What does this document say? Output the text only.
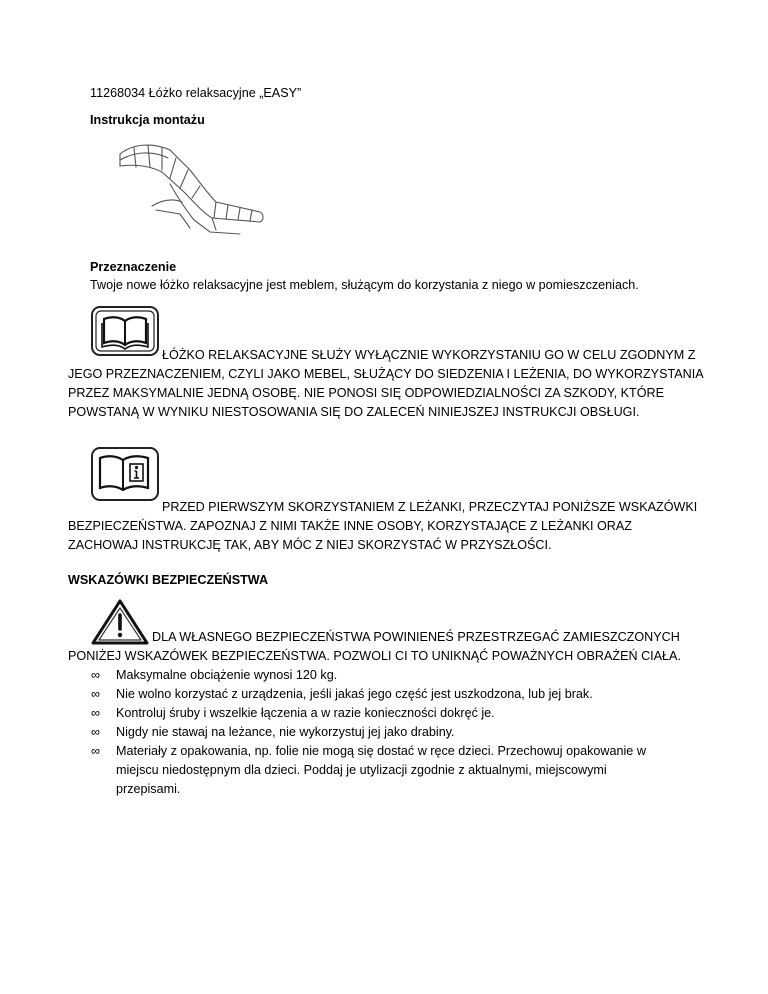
11268034 Łóżko relaksacyjne „EASY”
Instrukcja montażu
Przeznaczenie
Twoje nowe łóżko relaksacyjne jest meblem, służącym do korzystania z niego w pomieszczeniach.

ŁÓŻKO RELAKSACYJNE SŁUŻY WYŁĄCZNIE WYKORZYSTANIU GO W CELU ZGODNYM Z

JEGO PRZEZNACZENIEM, CZYLI JAKO MEBEL, SŁUŻĄCY DO SIEDZENIA I LEŻENIA, DO WYKORZYSTANIA

PRZEZ MAKSYMALNIE JEDNĄ OSOBĘ. NIE PONOSI SIĘ ODPOWIEDZIALNOŚCI ZA SZKODY, KTÓRE

POWSTANĄ W WYNIKU NIESTOSOWANIA SIĘ DO ZALECEŃ NINIEJSZEJ INSTRUKCJI OBSŁUGI.

PRZED PIERWSZYM SKORZYSTANIEM Z LEŻANKI, PRZECZYTAJ PONIŻSZE WSKAZÓWKI

BEZPIECZEŃSTWA. ZAPOZNAJ Z NIMI TAKŻE INNE OSOBY, KORZYSTAJĄCE Z LEŻANKI ORAZ

ZACHOWAJ INSTRUKCJĘ TAK, ABY MÓC Z NIEJ SKORZYSTAĆ W PRZYSZŁOŚCI.

WSKAZÓWKI BEZPIECZEŃSTWA

DLA WŁASNEGO BEZPIECZEŃSTWA POWINIENEŚ PRZESTRZEGAĆ ZAMIESZCZONYCH

PONIŻEJ WSKAZÓWEK BEZPIECZEŃSTWA. POZWOLI CI TO UNIKNĄĆ POWAŻNYCH OBRAŻEŃ CIAŁA.

∞ Maksymalne obciążenie wynosi 120 kg.
∞ Nie wolno korzystać z urządzenia, jeśli jakaś jego część jest uszkodzona, lub jej brak.
∞ Kontroluj śruby i wszelkie łączenia a w razie konieczności dokręć je.
∞ Nigdy nie stawaj na leżance, nie wykorzystuj jej jako drabiny.
∞ Materiały z opakowania, np. folie nie mogą się dostać w ręce dzieci. Przechowuj opakowanie w miejscu niedostępnym dla dzieci. Poddaj je utylizacji zgodnie z aktualnymi, miejscowymi przepisami.
